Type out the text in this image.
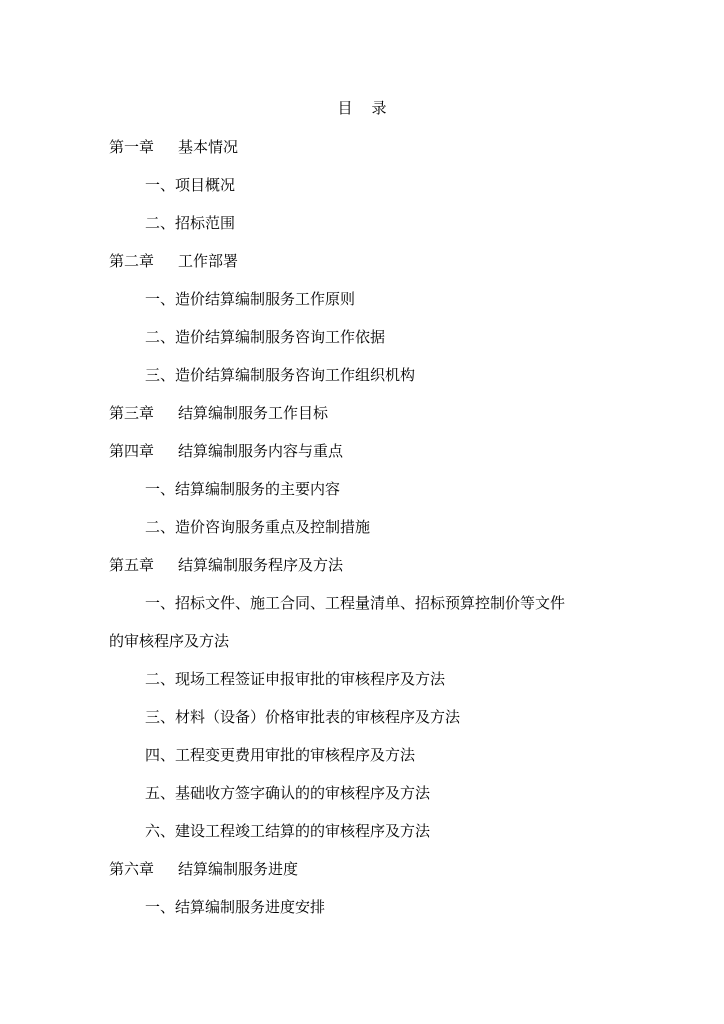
目    录
第一章 基本情况
一、项目概况
二、招标范围
第二章 工作部署
一、造价结算编制服务工作原则
二、造价结算编制服务咨询工作依据
三、造价结算编制服务咨询工作组织机构
第三章 结算编制服务工作目标
第四章 结算编制服务内容与重点
一、结算编制服务的主要内容
二、造价咨询服务重点及控制措施
第五章 结算编制服务程序及方法
一、招标文件、施工合同、工程量清单、招标预算控制价等文件
的审核程序及方法
二、现场工程签证申报审批的审核程序及方法
三、材料（设备）价格审批表的审核程序及方法
四、工程变更费用审批的审核程序及方法
五、基础收方签字确认的的审核程序及方法
六、建设工程竣工结算的的审核程序及方法
第六章 结算编制服务进度
一、结算编制服务进度安排
